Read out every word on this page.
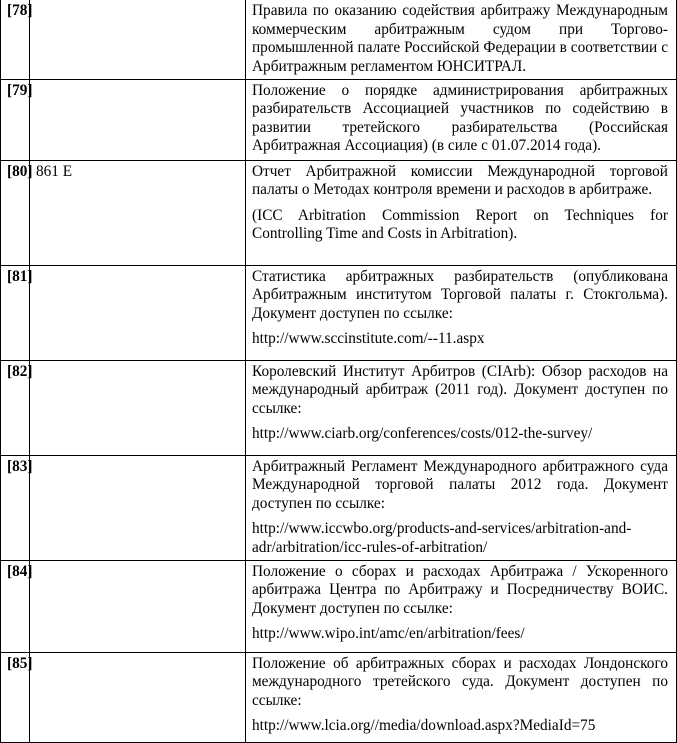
[78]		Правила по оказанию содействия арбитражу Международным коммерческим арбитражным судом при Торгово-промышленной палате Российской Федерации в соответствии с Арбитражным регламентом ЮНСИТРАЛ.

[79]		Положение о порядке администрирования арбитражных разбирательств Ассоциацией участников по содействию в развитии третейского разбирательства (Российская Арбитражная Ассоциация) (в силе с 01.07.2014 года).

[80]	861 E	Отчет Арбитражной комиссии Международной торговой палаты о Методах контроля времени и расходов в арбитраже.

(ICC Arbitration Commission Report on Techniques for Controlling Time and Costs in Arbitration).

[81]		Статистика арбитражных разбирательств (опубликована Арбитражным институтом Торговой палаты г. Стокгольма). Документ доступен по ссылке:

http://www.sccinstitute.com/--11.aspx

[82]		Королевский Институт Арбитров (CIArb): Обзор расходов на международный арбитраж (2011 год). Документ доступен по ссылке:

http://www.ciarb.org/conferences/costs/012-the-survey/

[83]		Арбитражный Регламент Международного арбитражного суда Международной торговой палаты 2012 года. Документ доступен по ссылке:

http://www.iccwbo.org/products-and-services/arbitration-and-adr/arbitration/icc-rules-of-arbitration/

[84]		Положение о сборах и расходах Арбитража / Ускоренного арбитража Центра по Арбитражу и Посредничеству ВОИС. Документ доступен по ссылке:

http://www.wipo.int/amc/en/arbitration/fees/

[85]		Положение об арбитражных сборах и расходах Лондонского международного третейского суда. Документ доступен по ссылке:

http://www.lcia.org//media/download.aspx?MediaId=75
